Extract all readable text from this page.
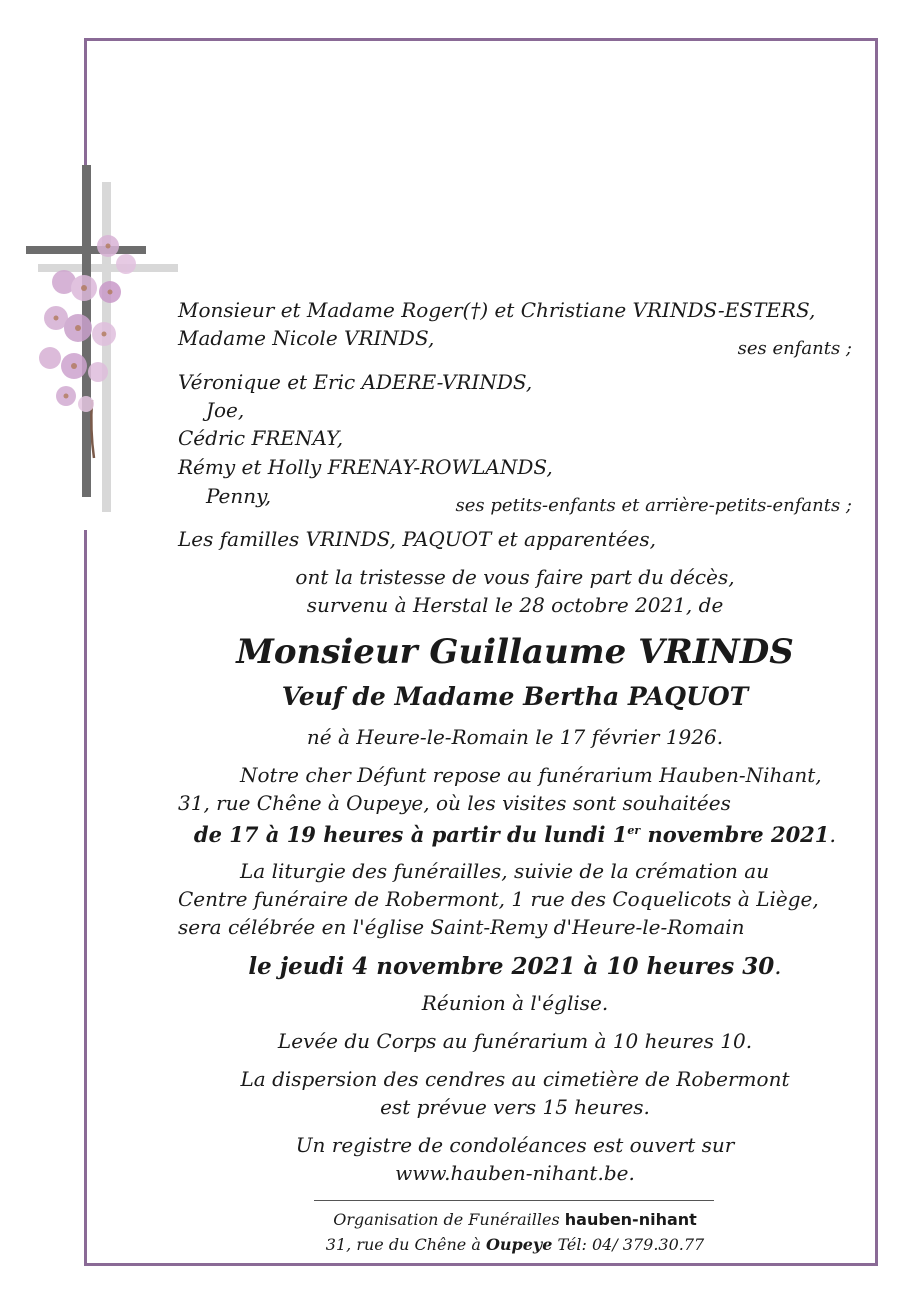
Monsieur et Madame Roger(†) et Christiane VRINDS-ESTERS,
Madame Nicole VRINDS,	ses enfants ;
Véronique et Eric ADERE-VRINDS,
Joe,
Cédric FRENAY,
Rémy et Holly FRENAY-ROWLANDS,
Penny,	ses petits-enfants et arrière-petits-enfants ;
Les familles VRINDS, PAQUOT et apparentées,
ont la tristesse de vous faire part du décès,
survenu à Herstal le 28 octobre 2021, de
Monsieur Guillaume VRINDS
Veuf de Madame Bertha PAQUOT
né à Heure-le-Romain le 17 février 1926.
Notre cher Défunt repose au funérarium Hauben-Nihant,
31, rue Chêne à Oupeye, où les visites sont souhaitées
de 17 à 19 heures à partir du lundi 1er novembre 2021.
La liturgie des funérailles, suivie de la crémation au
Centre funéraire de Robermont, 1 rue des Coquelicots à Liège,
sera célébrée en l'église Saint-Remy d'Heure-le-Romain
le jeudi 4 novembre 2021 à 10 heures 30.
Réunion à l'église.
Levée du Corps au funérarium à 10 heures 10.
La dispersion des cendres au cimetière de Robermont
est prévue vers 15 heures.
Un registre de condoléances est ouvert sur
www.hauben-nihant.be.
Organisation de Funérailles hauben-nihant
31, rue du Chêne à Oupeye Tél: 04/ 379.30.77
